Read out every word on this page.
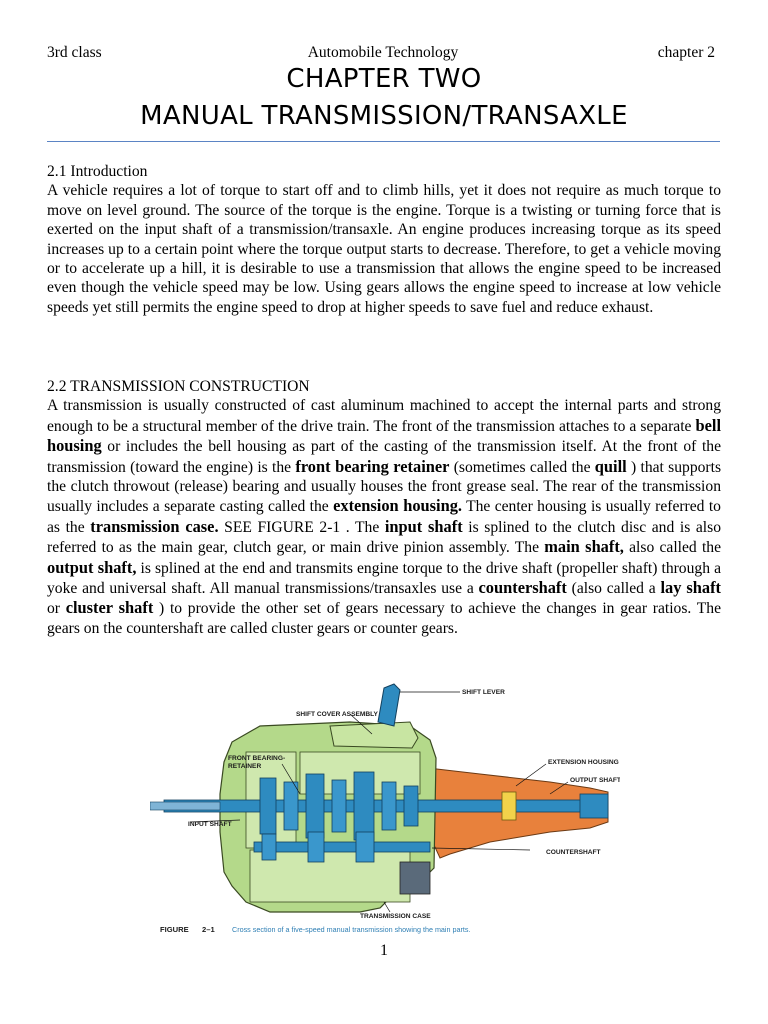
3rd class	Automobile Technology	chapter 2
CHAPTER TWO
MANUAL TRANSMISSION/TRANSAXLE

2.1 Introduction

A vehicle requires a lot of torque to start off and to climb hills, yet it does not require as much torque to move on level ground. The source of the torque is the engine. Torque is a twisting or turning force that is exerted on the input shaft of a transmission/transaxle. An engine produces increasing torque as its speed increases up to a certain point where the torque output starts to decrease. Therefore, to get a vehicle moving or to accelerate up a hill, it is desirable to use a transmission that allows the engine speed to be increased even though the vehicle speed may be low. Using gears allows the engine speed to increase at low vehicle speeds yet still permits the engine speed to drop at higher speeds to save fuel and reduce exhaust.

2.2 TRANSMISSION CONSTRUCTION

A transmission is usually constructed of cast aluminum machined to accept the internal parts and strong enough to be a structural member of the drive train. The front of the transmission attaches to a separate bell housing or includes the bell housing as part of the casting of the transmission itself. At the front of the transmission (toward the engine) is the front bearing retainer (sometimes called the quill ) that supports the clutch throwout (release) bearing and usually houses the front grease seal. The rear of the transmission usually includes a separate casting called the extension housing. The center housing is usually referred to as the transmission case. SEE FIGURE 2-1 . The input shaft is splined to the clutch disc and is also referred to as the main gear, clutch gear, or main drive pinion assembly. The main shaft, also called the output shaft, is splined at the end and transmits engine torque to the drive shaft (propeller shaft) through a yoke and universal shaft. All manual transmissions/transaxles use a countershaft (also called a lay shaft or cluster shaft ) to provide the other set of gears necessary to achieve the changes in gear ratios. The gears on the countershaft are called cluster gears or counter gears.

SHIFT LEVER
SHIFT COVER ASSEMBLY
FRONT BEARING-
RETAINER
EXTENSION HOUSING
OUTPUT SHAFT
INPUT SHAFT
COUNTERSHAFT
TRANSMISSION CASE
FIGURE 2–1 Cross section of a five-speed manual transmission showing the main parts.
1
